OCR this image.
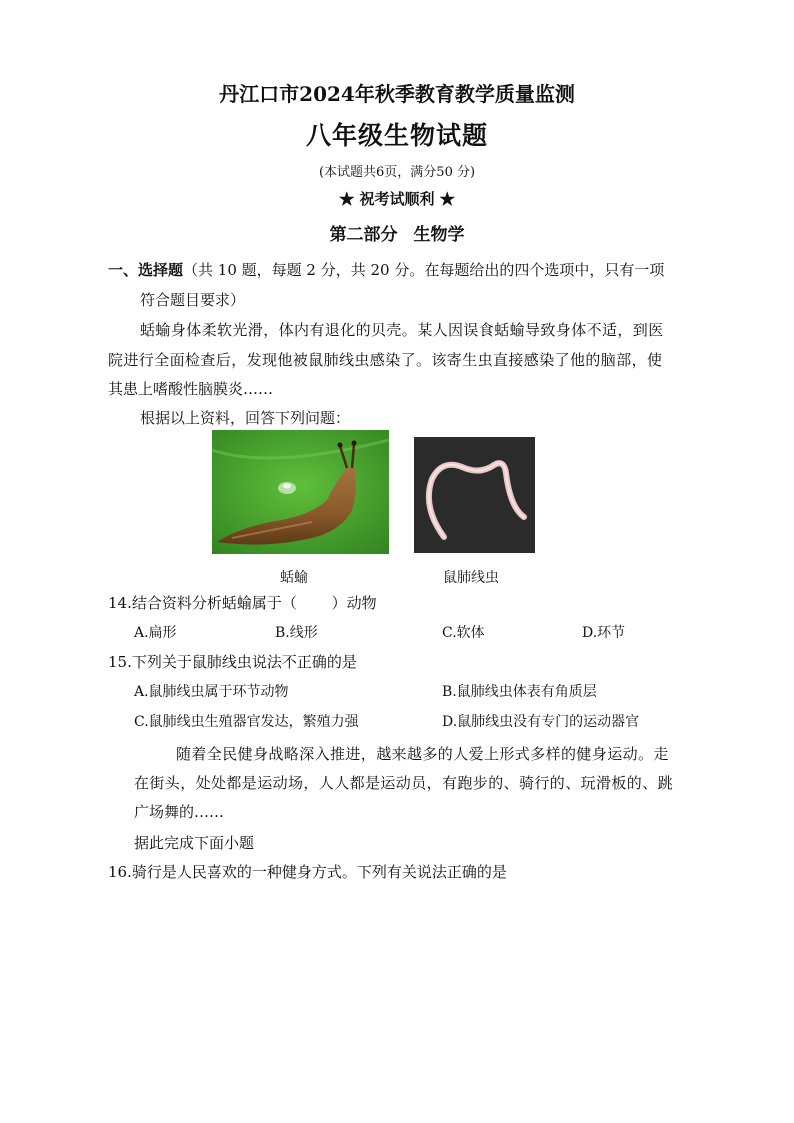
丹江口市2024年秋季教育教学质量监测
八年级生物试题
(本试题共6页，满分50 分)
★ 祝考试顺利 ★
第二部分 生物学
一、选择题（共 10 题，每题 2 分，共 20 分。在每题给出的四个选项中，只有一项
符合题目要求）
蛞蝓身体柔软光滑，体内有退化的贝壳。某人因误食蛞蝓导致身体不适，到医
院进行全面检查后，发现他被鼠肺线虫感染了。该寄生虫直接感染了他的脑部，使
其患上嗜酸性脑膜炎……
根据以上资料，回答下列问题：
蛞蝓	鼠肺线虫
14.结合资料分析蛞蝓属于（　　 ）动物
A.扁形	B.线形	C.软体	D.环节
15.下列关于鼠肺线虫说法不正确的是
A.鼠肺线虫属于环节动物	B.鼠肺线虫体表有角质层
C.鼠肺线虫生殖器官发达，繁殖力强	D.鼠肺线虫没有专门的运动器官
随着全民健身战略深入推进，越来越多的人爱上形式多样的健身运动。走
在街头，处处都是运动场，人人都是运动员，有跑步的、骑行的、玩滑板的、跳
广场舞的……
据此完成下面小题
16.骑行是人民喜欢的一种健身方式。下列有关说法正确的是
